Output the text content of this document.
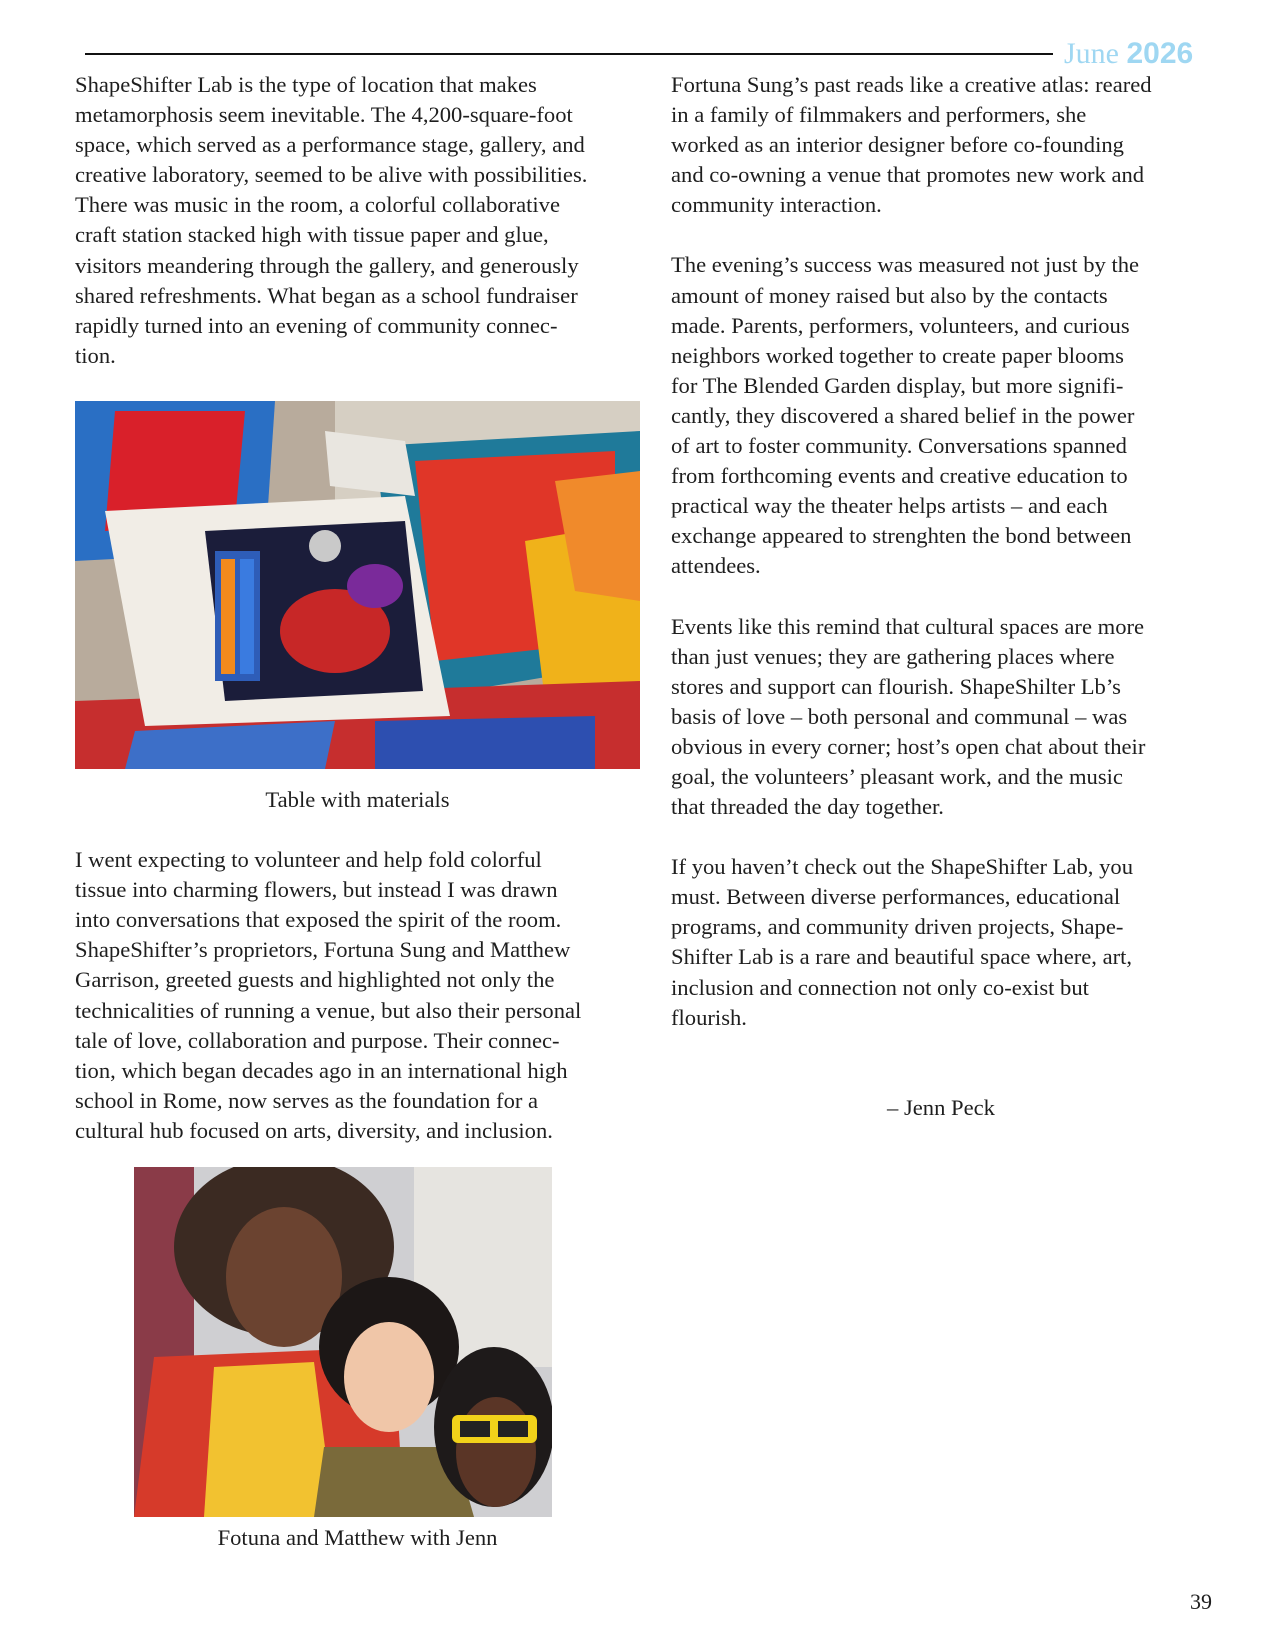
June 2026

ShapeShifter Lab is the type of location that makes
metamorphosis seem inevitable. The 4,200-square-foot
space, which served as a performance stage, gallery, and
creative laboratory, seemed to be alive with possibilities.
There was music in the room, a colorful collaborative
craft station stacked high with tissue paper and glue,
visitors meandering through the gallery, and generously
shared refreshments. What began as a school fundraiser
rapidly turned into an evening of community connec-
tion.

Table with materials

I went expecting to volunteer and help fold colorful
tissue into charming flowers, but instead I was drawn
into conversations that exposed the spirit of the room.
ShapeShifter’s proprietors, Fortuna Sung and Matthew
Garrison, greeted guests and highlighted not only the
technicalities of running a venue, but also their personal
tale of love, collaboration and purpose. Their connec-
tion, which began decades ago in an international high
school in Rome, now serves as the foundation for a
cultural hub focused on arts, diversity, and inclusion.

Fotuna and Matthew with Jenn

Fortuna Sung’s past reads like a creative atlas: reared
in a family of filmmakers and performers, she
worked as an interior designer before co-founding
and co-owning a venue that promotes new work and
community interaction.

The evening’s success was measured not just by the
amount of money raised but also by the contacts
made. Parents, performers, volunteers, and curious
neighbors worked together to create paper blooms
for The Blended Garden display, but more signifi-
cantly, they discovered a shared belief in the power
of art to foster community. Conversations spanned
from forthcoming events and creative education to
practical way the theater helps artists – and each
exchange appeared to strenghten the bond between
attendees.

Events like this remind that cultural spaces are more
than just venues; they are gathering places where
stores and support can flourish. ShapeShilter Lb’s
basis of love – both personal and communal – was
obvious in every corner; host’s open chat about their
goal, the volunteers’ pleasant work, and the music
that threaded the day together.

If you haven’t check out the ShapeShifter Lab, you
must. Between diverse performances, educational
programs, and community driven projects, Shape-
Shifter Lab is a rare and beautiful space where, art,
inclusion and connection not only co-exist but
flourish.

– Jenn Peck
39
